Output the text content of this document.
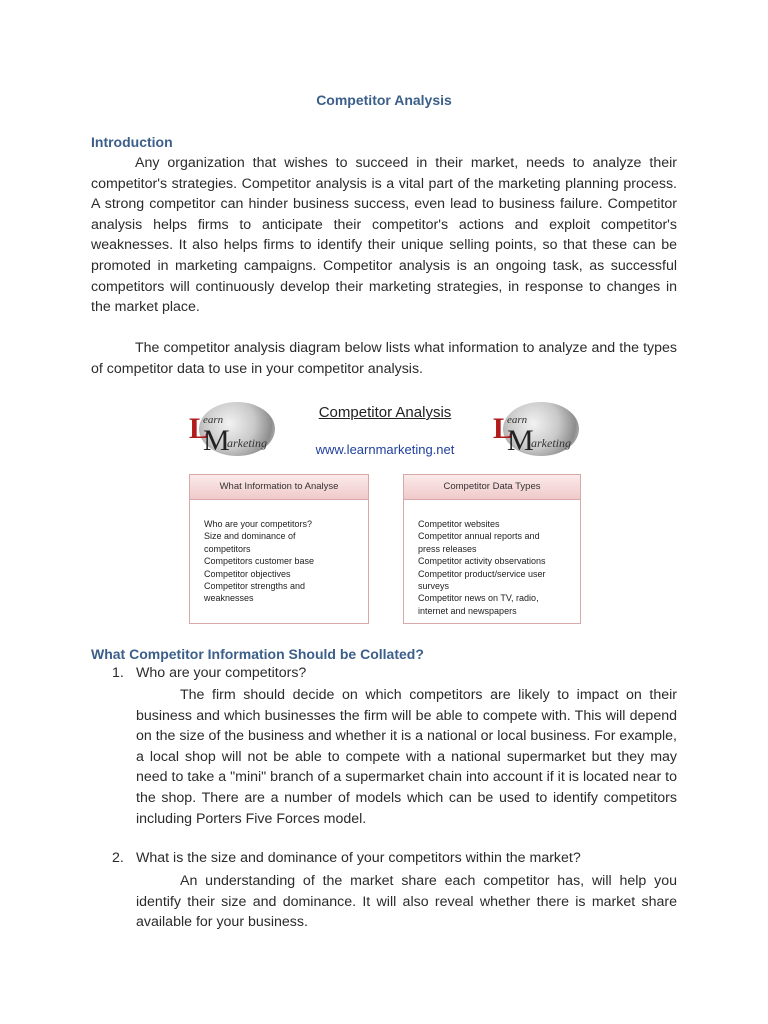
Competitor Analysis
Introduction

Any organization that wishes to succeed in their market, needs to analyze their competitor's strategies. Competitor analysis is a vital part of the marketing planning process. A strong competitor can hinder business success, even lead to business failure. Competitor analysis helps firms to anticipate their competitor's actions and exploit competitor's weaknesses. It also helps firms to identify their unique selling points, so that these can be promoted in marketing campaigns. Competitor analysis is an ongoing task, as successful competitors will continuously develop their marketing strategies, in response to changes in the market place.

The competitor analysis diagram below lists what information to analyze and the types of competitor data to use in your competitor analysis.

L
earn
M
arketing
Competitor Analysis
www.learnmarketing.net
L
earn
M
arketing
What Information to Analyse
Who are your competitors?
Size and dominance of competitors
Competitors customer base
Competitor objectives
Competitor strengths and weaknesses
Competitor Data Types
Competitor websites
Competitor annual reports and press releases
Competitor activity observations
Competitor product/service user surveys
Competitor news on TV, radio, internet and newspapers
What Competitor Information Should be Collated?
1. Who are your competitors?

The firm should decide on which competitors are likely to impact on their business and which businesses the firm will be able to compete with. This will depend on the size of the business and whether it is a national or local business. For example, a local shop will not be able to compete with a national supermarket but they may need to take a "mini" branch of a supermarket chain into account if it is located near to the shop. There are a number of models which can be used to identify competitors including Porters Five Forces model.

2. What is the size and dominance of your competitors within the market?

An understanding of the market share each competitor has, will help you identify their size and dominance. It will also reveal whether there is market share available for your business.
